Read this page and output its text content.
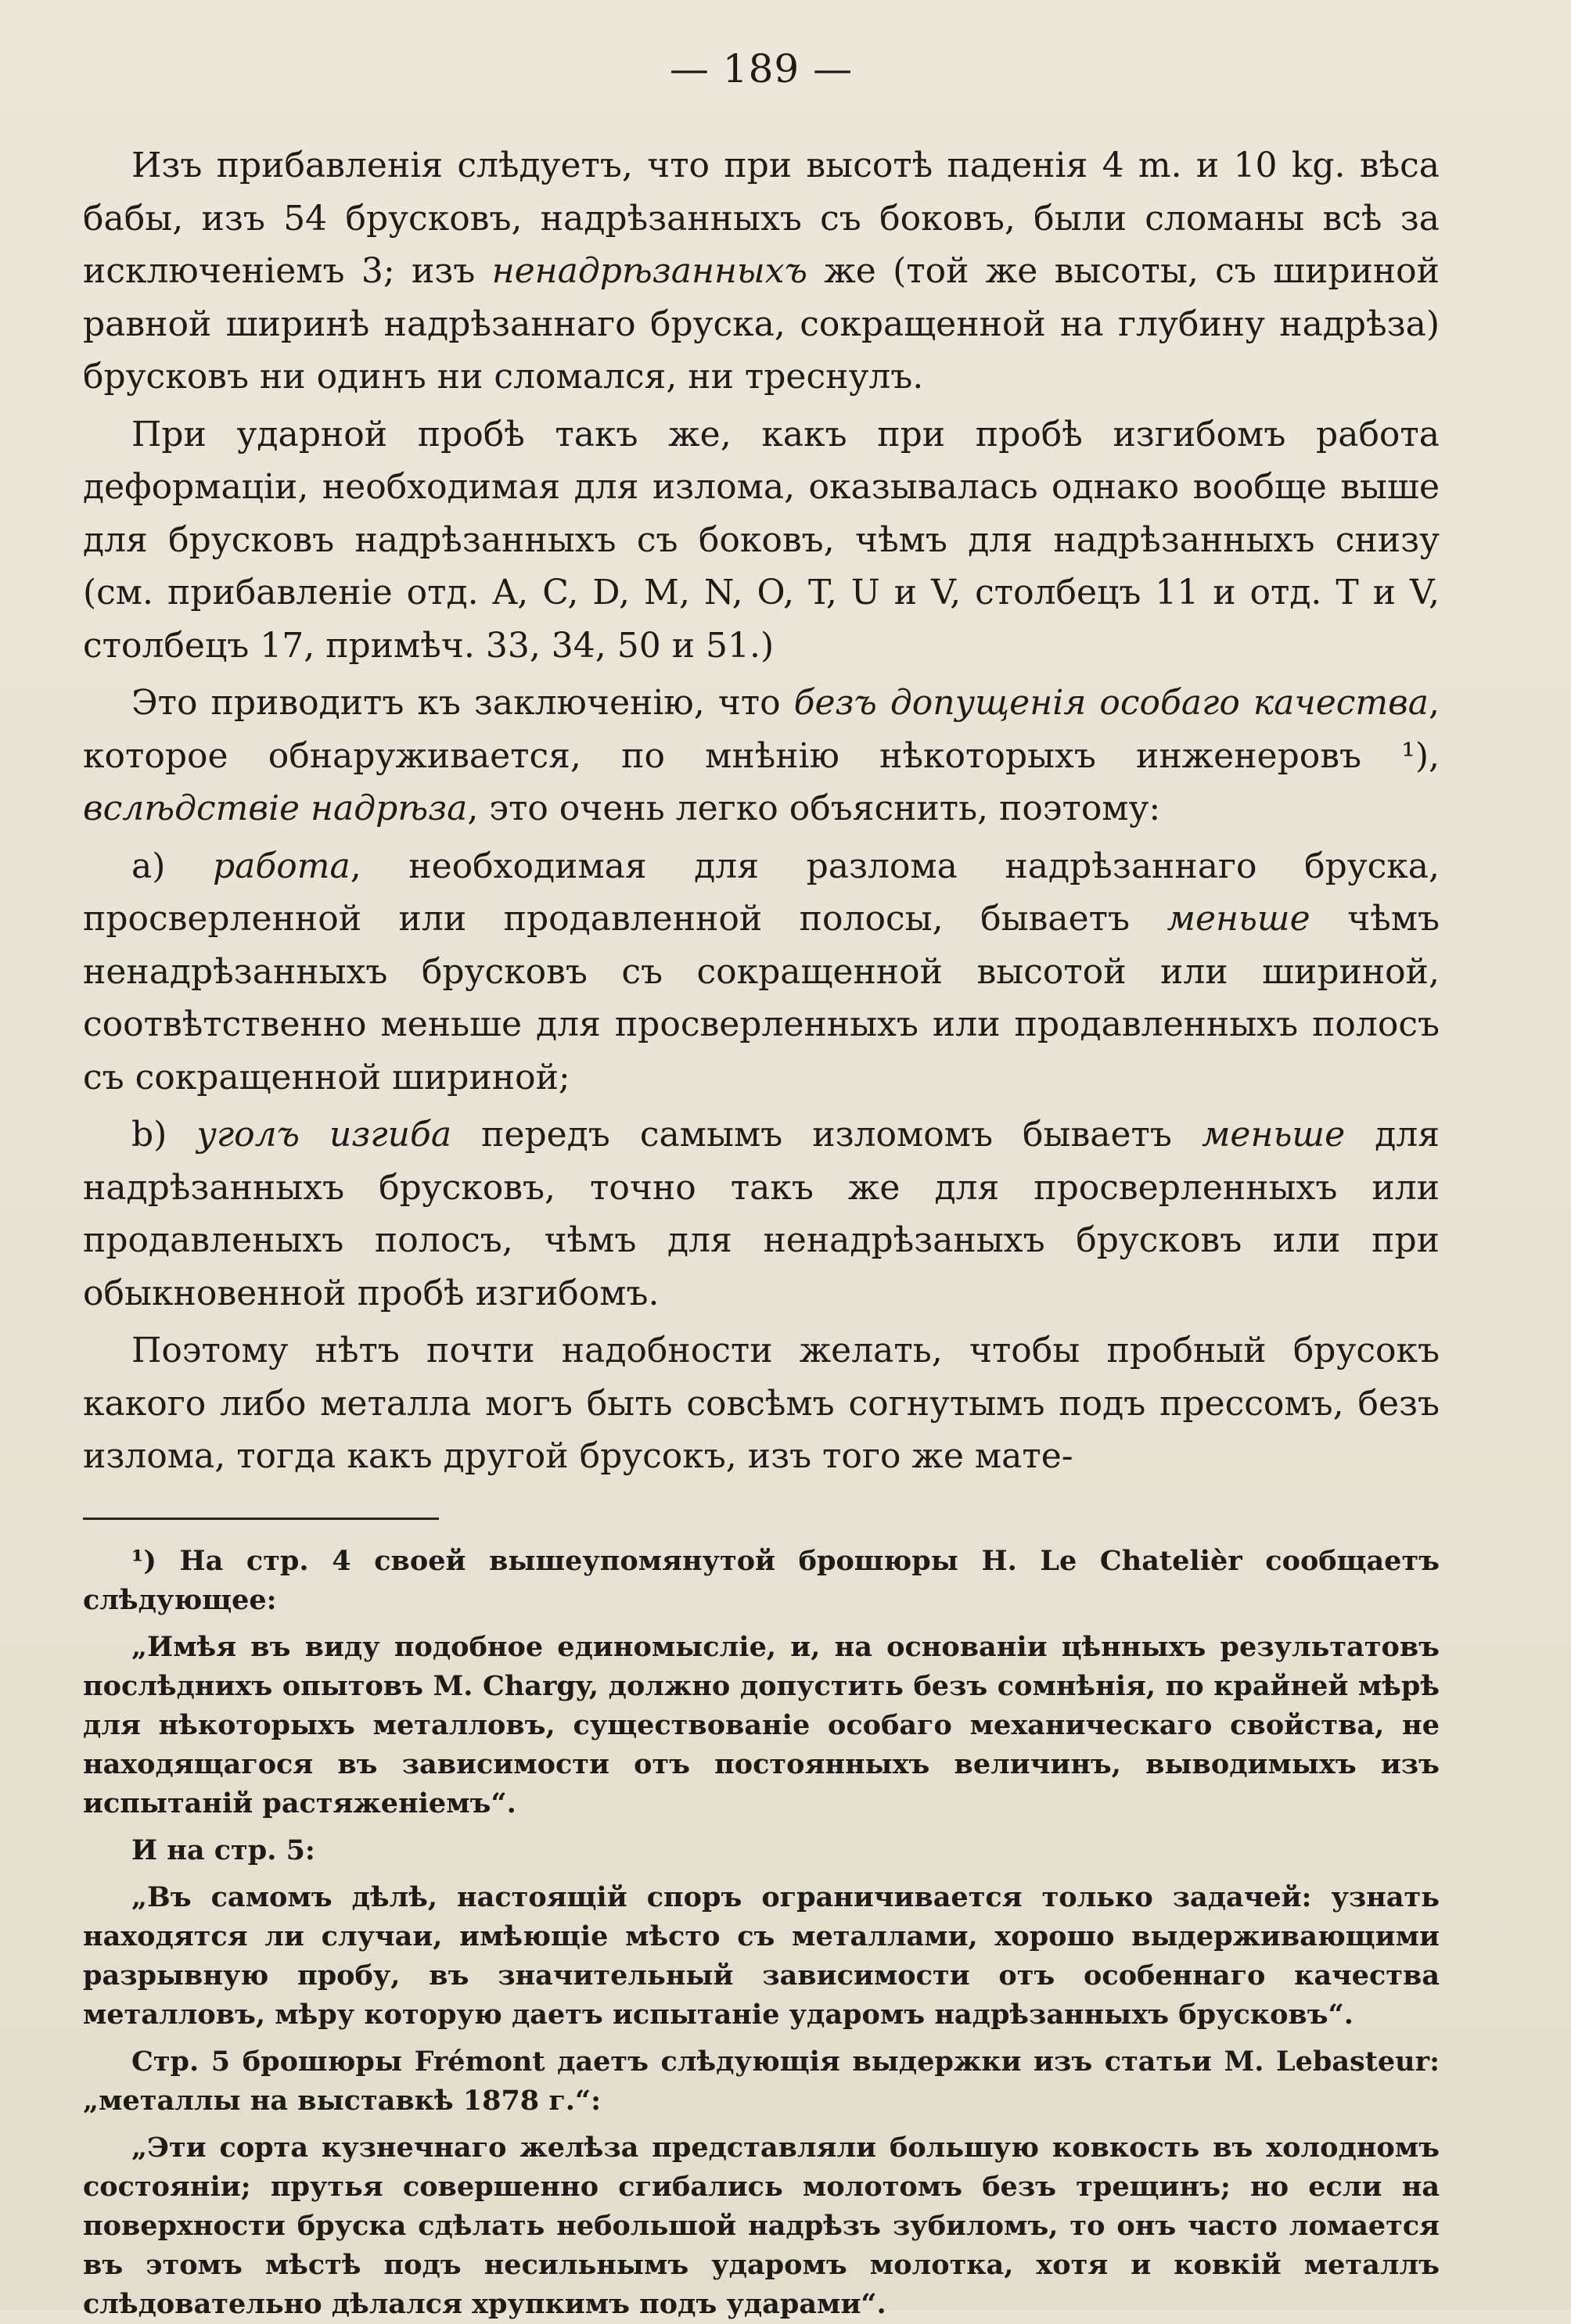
— 189 —

Изъ прибавленія слѣдуетъ, что при высотѣ паденія 4 m. и 10 kg. вѣса бабы, изъ 54 брусковъ, надрѣзанныхъ съ боковъ, были сломаны всѣ за исключеніемъ 3; изъ ненадрѣзанныхъ же (той же высоты, съ шириной равной ширинѣ надрѣзаннаго бруска, сокращенной на глубину надрѣза) брусковъ ни одинъ ни сломался, ни треснулъ.

При ударной пробѣ такъ же, какъ при пробѣ изгибомъ работа деформаціи, необходимая для излома, оказывалась однако вообще выше для брусковъ надрѣзанныхъ съ боковъ, чѣмъ для надрѣзанныхъ снизу (см. прибавленіе отд. A, C, D, M, N, O, T, U и V, столбецъ 11 и отд. T и V, столбецъ 17, примѣч. 33, 34, 50 и 51.)

Это приводитъ къ заключенію, что безъ допущенія особаго качества, которое обнаруживается, по мнѣнію нѣкоторыхъ инженеровъ ¹), вслѣдствіе надрѣза, это очень легко объяснить, поэтому:

a) работа, необходимая для разлома надрѣзаннаго бруска, просверленной или продавленной полосы, бываетъ меньше чѣмъ ненадрѣзанныхъ брусковъ съ сокращенной высотой или шириной, соотвѣтственно меньше для просверленныхъ или продавленныхъ полосъ съ сокращенной шириной;

b) уголъ изгиба передъ самымъ изломомъ бываетъ меньше для надрѣзанныхъ брусковъ, точно такъ же для просверленныхъ или продавленыхъ полосъ, чѣмъ для ненадрѣзаныхъ брусковъ или при обыкновенной пробѣ изгибомъ.

Поэтому нѣтъ почти надобности желать, чтобы пробный брусокъ какого либо металла могъ быть совсѣмъ согнутымъ подъ прессомъ, безъ излома, тогда какъ другой брусокъ, изъ того же мате-

¹) На стр. 4 своей вышеупомянутой брошюры H. Le Chatelièr сообщаетъ слѣдующее:

„Имѣя въ виду подобное единомысліе, и, на основаніи цѣнныхъ результатовъ послѣднихъ опытовъ M. Chargy, должно допустить безъ сомнѣнія, по крайней мѣрѣ для нѣкоторыхъ металловъ, существованіе особаго механическаго свойства, не находящагося въ зависимости отъ постоянныхъ величинъ, выводимыхъ изъ испытаній растяженіемъ“.

И на стр. 5:

„Въ самомъ дѣлѣ, настоящій споръ ограничивается только задачей: узнать находятся ли случаи, имѣющіе мѣсто съ металлами, хорошо выдерживающими разрывную пробу, въ значительный зависимости отъ особеннаго качества металловъ, мѣру которую даетъ испытаніе ударомъ надрѣзанныхъ брусковъ“.

Стр. 5 брошюры Frémont даетъ слѣдующія выдержки изъ статьи M. Lebasteur: „металлы на выставкѣ 1878 г.“:

„Эти сорта кузнечнаго желѣза представляли большую ковкость въ холодномъ состояніи; прутья совершенно сгибались молотомъ безъ трещинъ; но если на поверхности бруска сдѣлать небольшой надрѣзъ зубиломъ, то онъ часто ломается въ этомъ мѣстѣ подъ несильнымъ ударомъ молотка, хотя и ковкій металлъ слѣдовательно дѣлался хрупкимъ подъ ударами“.
